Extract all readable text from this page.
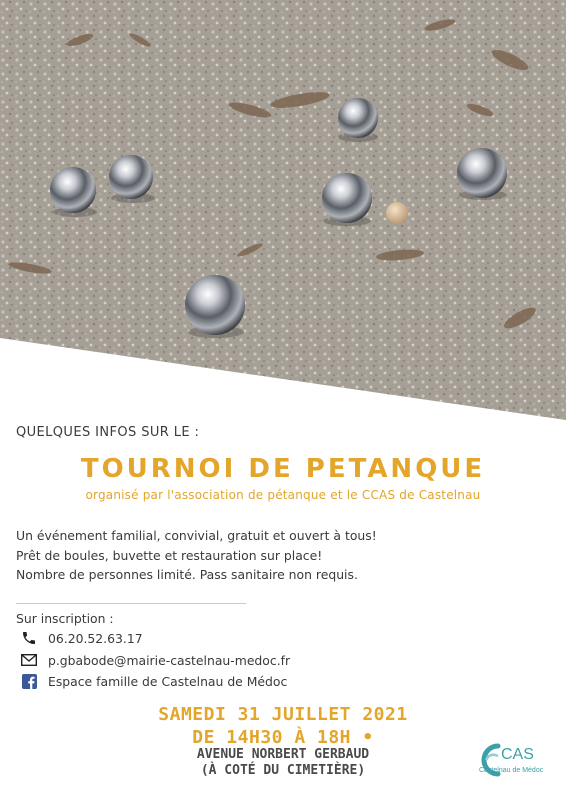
QUELQUES INFOS SUR LE :
TOURNOI DE PETANQUE
organisé par l'association de pétanque et le CCAS de Castelnau
Un événement familial, convivial, gratuit et ouvert à tous!
Prêt de boules, buvette et restauration sur place!
Nombre de personnes limité. Pass sanitaire non requis.
Sur inscription :
06.20.52.63.17
p.gbabode@mairie-castelnau-medoc.fr
Espace famille de Castelnau de Médoc
SAMEDI 31 JUILLET 2021
DE 14H30 À 18H •
AVENUE NORBERT GERBAUD
(À COTÉ DU CIMETIÈRE)
CAS
Castelnau de Médoc
